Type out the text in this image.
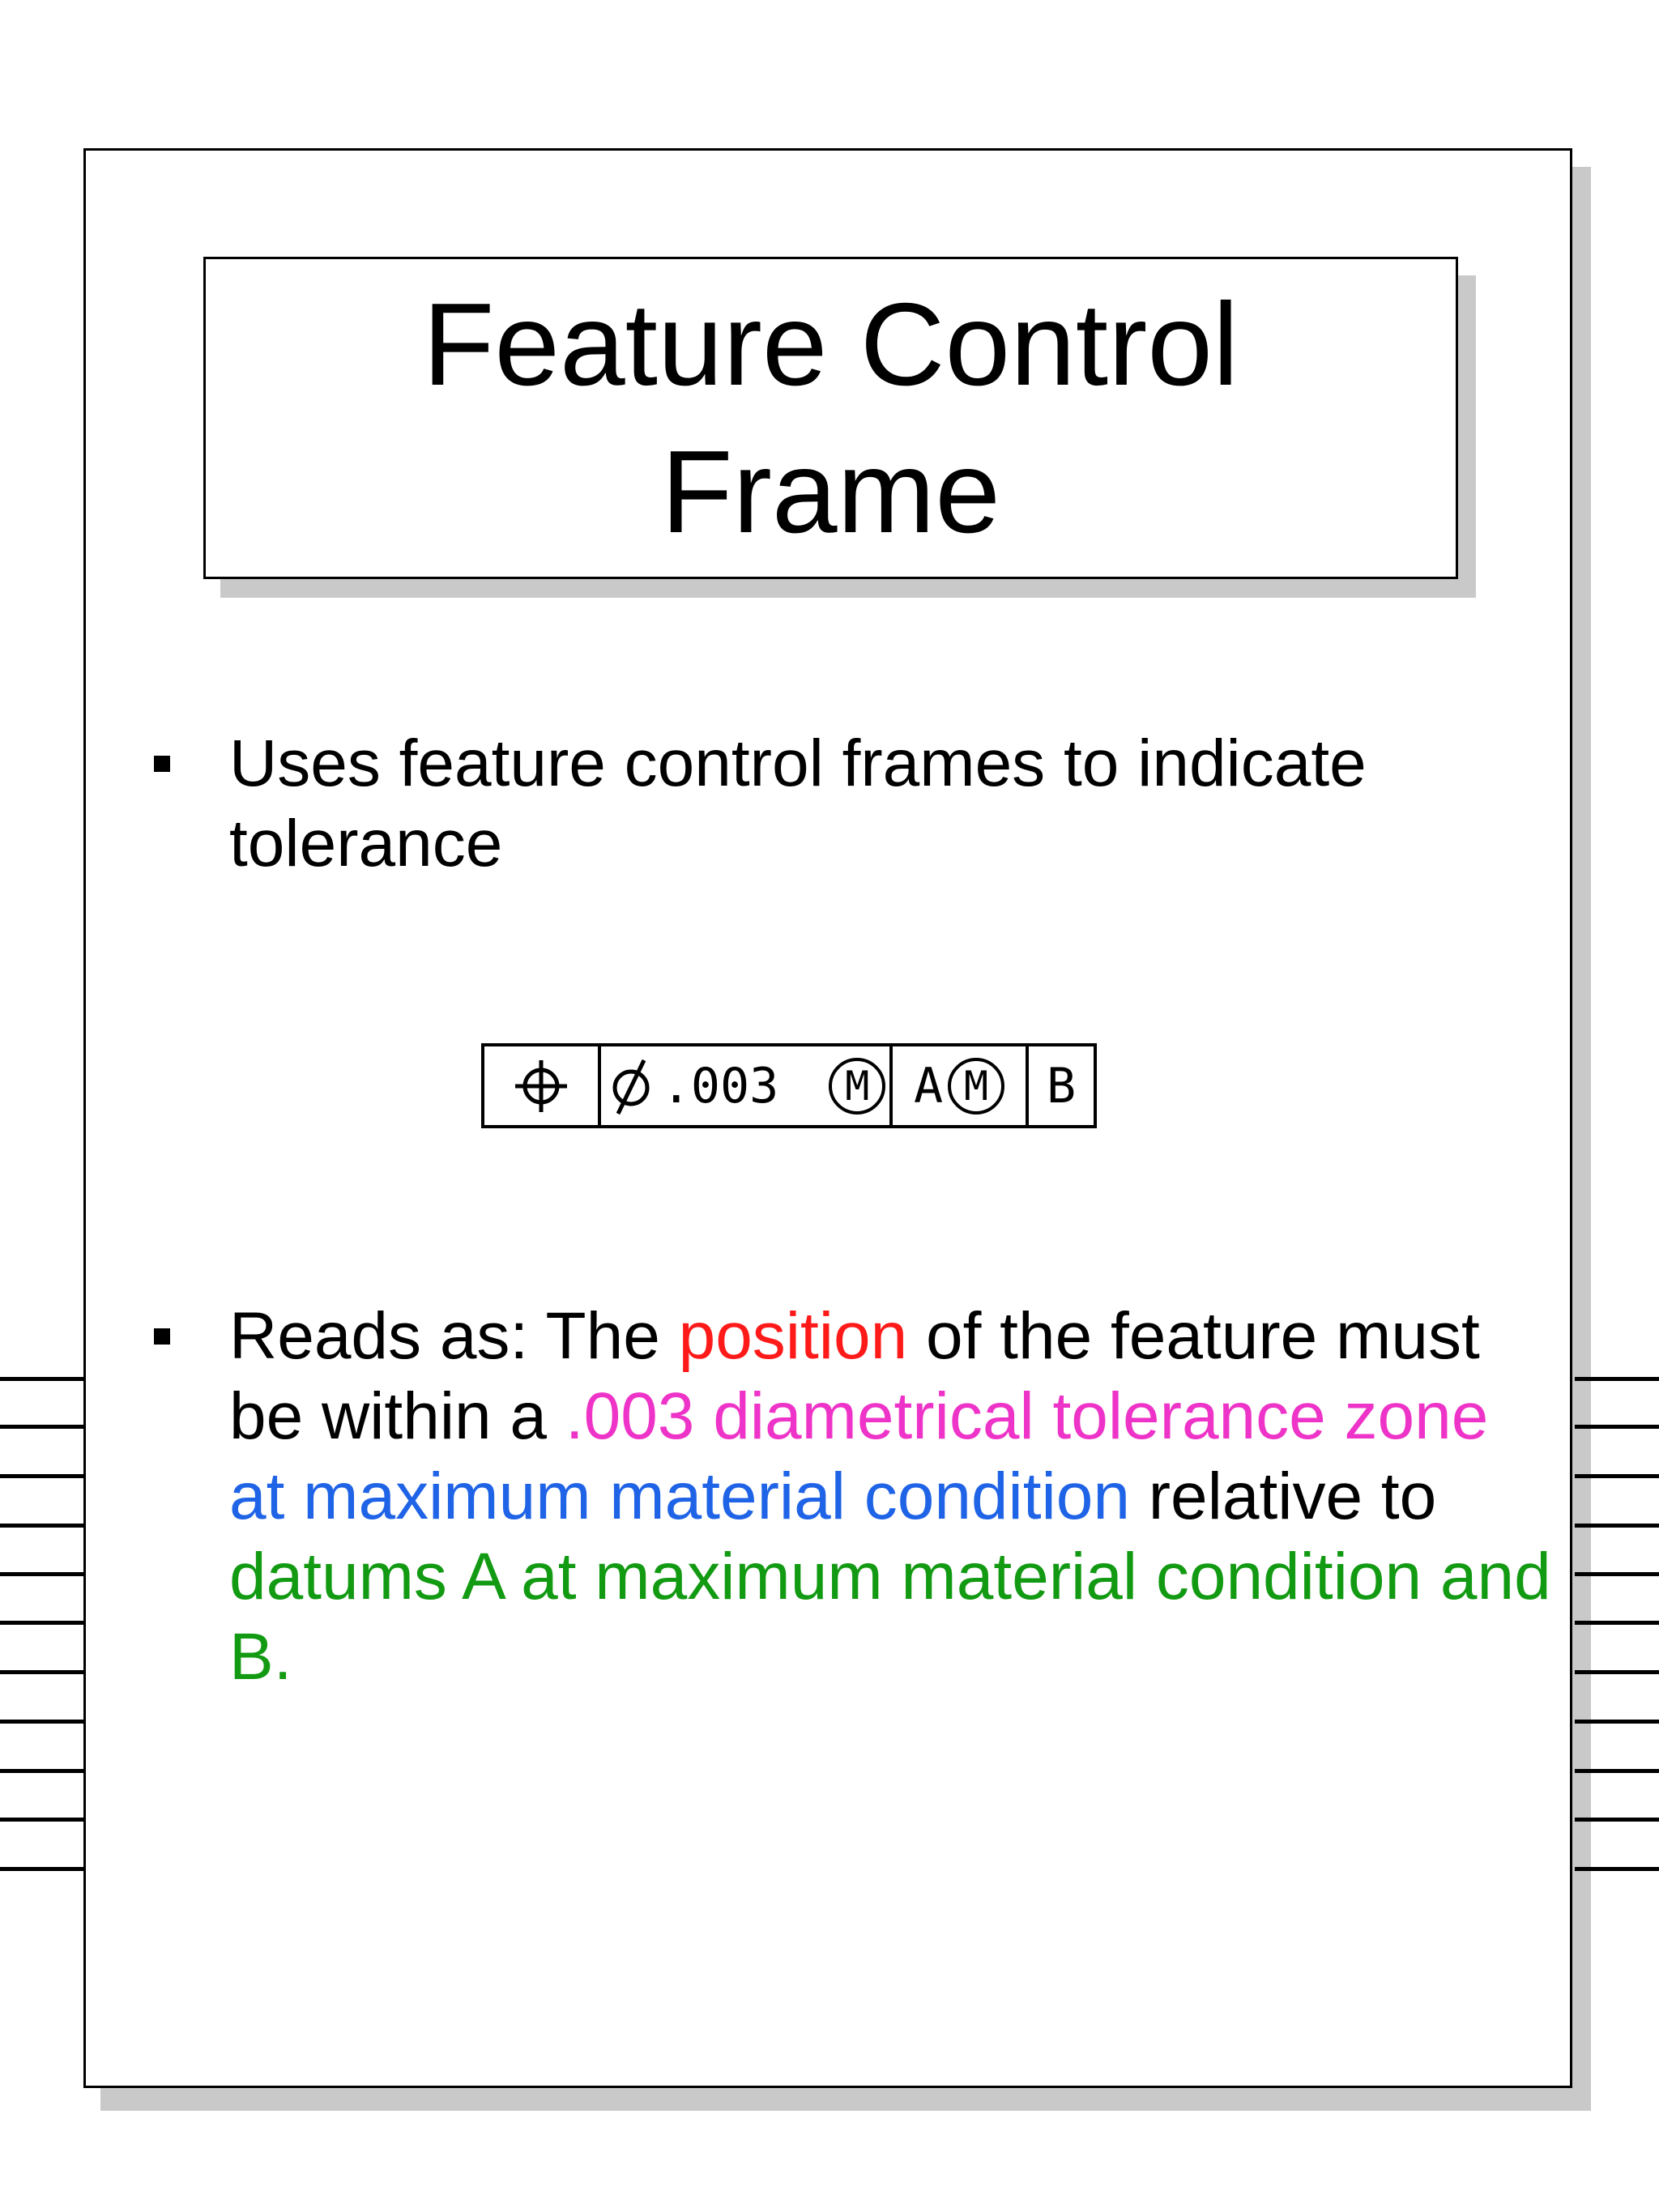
Feature Control
Frame
Uses feature control frames to indicate tolerance
.003	M A M	B
Reads as: The position of the feature must be within a .003 diametrical tolerance zone at maximum material condition relative to datums A at maximum material condition and B.
